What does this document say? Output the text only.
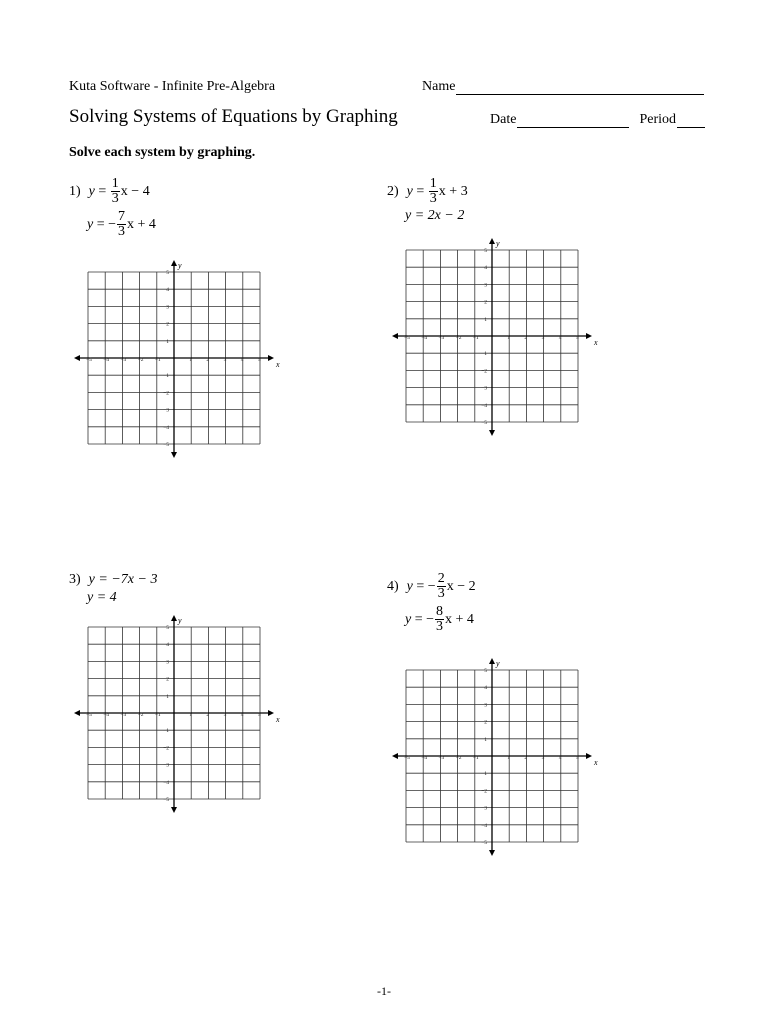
Kuta Software - Infinite Pre-Algebra	Name
Solving Systems of Equations by Graphing	Date	Period
Solve each system by graphing.
1) $y = \frac{1}{3}$ x − 4
y = − $\frac{7}{3}$ x + 4
2) $y = \frac{1}{3}$ x + 3
y = 2x − 2
3) y = −7x − 3
y = 4
4) y = − $\frac{2}{3}$ x − 2
y = − $\frac{8}{3}$ x + 4
x
y
−5 −4 −3 −2 −1	1	2	3	4	5
5
4
3
2
1
−1
−2
−3
−4
−5
x
y
−5 −4 −3 −2 −1	1	2	3	4	5
5
4
3
2
1
−1
−2
−3
−4
−5
x
y
−5 −4 −3 −2 −1	1	2	3	4	5
5
4
3
2
1
−1
−2
−3
−4
−5
x
y
−5 −4 −3 −2 −1	1	2	3	4	5
5
4
3
2
1
−1
−2
−3
−4
−5
-1-
